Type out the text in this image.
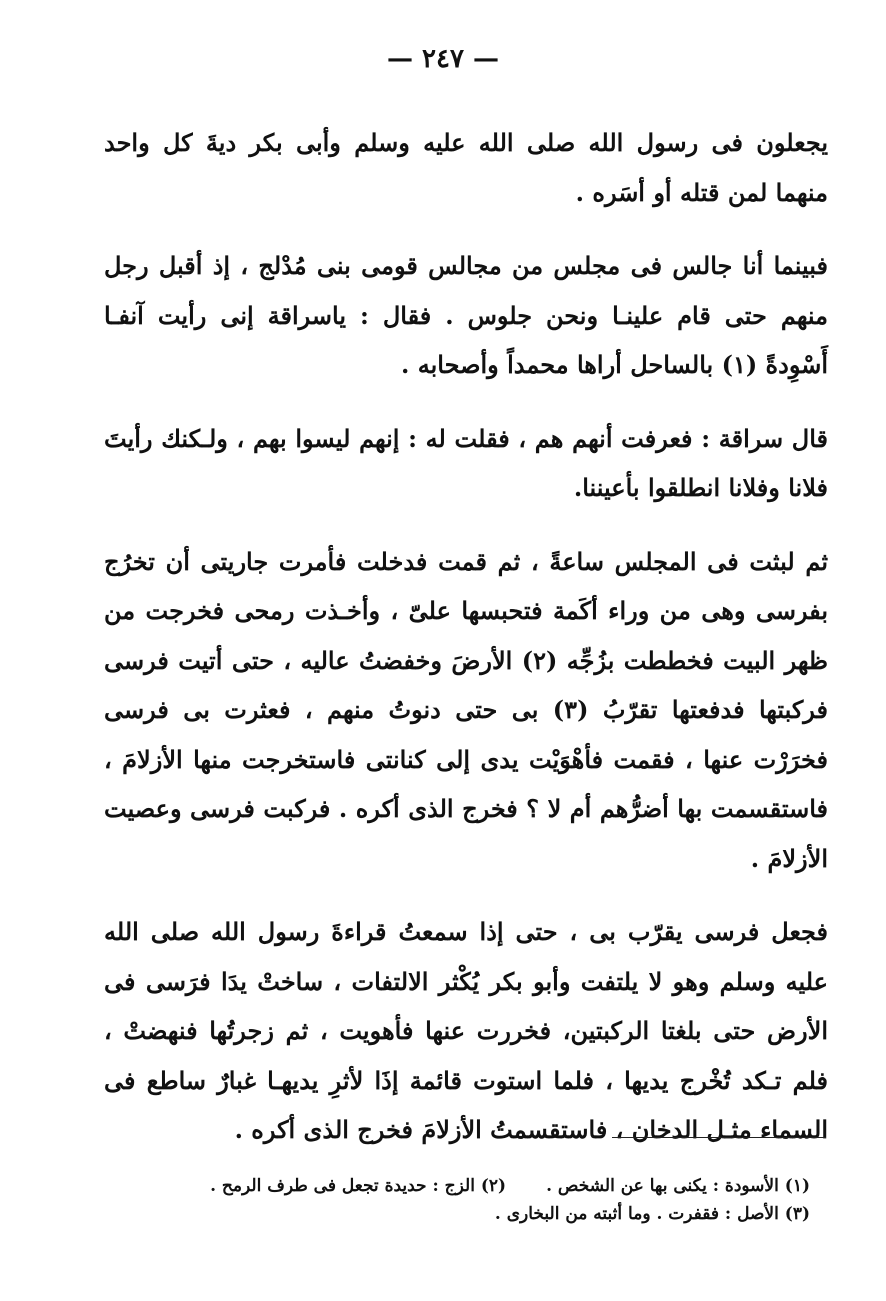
— ٢٤٧ —

يجعلون فى رسول الله صلى الله عليه وسلم وأبى بكر ديةَ كل واحد منهما لمن قتله أو أسَره .

فبينما أنا جالس فى مجلس من مجالس قومى بنى مُدْلج ، إذ أقبل رجل منهم حتى قام علينـا ونحن جلوس . فقال : ياسراقة إنى رأيت آنفـا أَسْوِدةً (١) بالساحل أراها محمداً وأصحابه .

قال سراقة : فعرفت أنهم هم ، فقلت له : إنهم ليسوا بهم ، ولـكنك رأيتَ فلانا وفلانا انطلقوا بأعيننا.

ثم لبثت فى المجلس ساعةً ، ثم قمت فدخلت فأمرت جاريتى أن تخرُج بفرسى وهى من وراء أكَمة فتحبسها علىّ ، وأخـذت رمحى فخرجت من ظهر البيت فخططت بزُجِّه (٢) الأرضَ وخفضتُ عاليه ، حتى أتيت فرسى فركبتها فدفعتها تقرّبُ (٣) بى حتى دنوتُ منهم ، فعثرت بى فرسى فخرَرْت عنها ، فقمت فأهْوَيْت يدى إلى كنانتى فاستخرجت منها الأزلامَ ، فاستقسمت بها أضرُّهم أم لا ؟ فخرج الذى أكره . فركبت فرسى وعصيت الأزلامَ .

فجعل فرسى يقرّب بى ، حتى إذا سمعتُ قراءةَ رسول الله صلى الله عليه وسلم وهو لا يلتفت وأبو بكر يُكْثر الالتفات ، ساختْ يدَا فرَسى فى الأرض حتى بلغتا الركبتين، فخررت عنها فأهويت ، ثم زجرتُها فنهضتْ ، فلم تـكد تُخْرج يديها ، فلما استوت قائمة إذَا لأثرِ يديهـا غبارٌ ساطع فى السماء مثـل الدخان ، فاستقسمتُ الأزلامَ فخرج الذى أكره .

(١) الأسودة : يكنى بها عن الشخص .
(٢) الزج : حديدة تجعل فى طرف الرمح .
(٣) الأصل : فقفرت . وما أثبته من البخارى .
